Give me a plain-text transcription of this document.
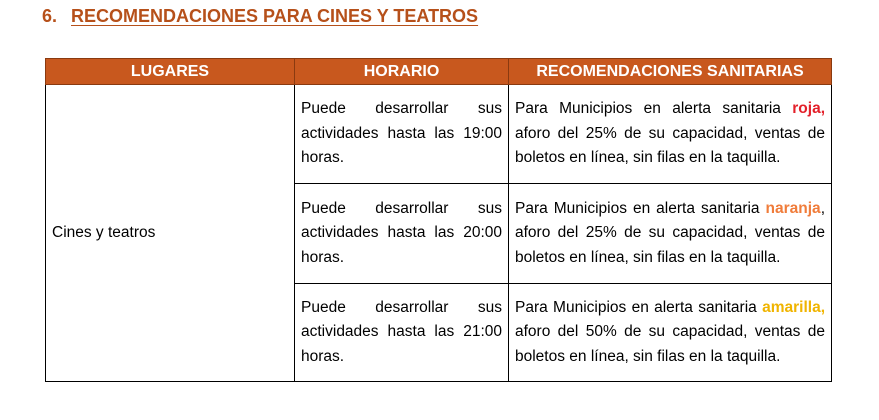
6. RECOMENDACIONES PARA CINES Y TEATROS
LUGARES	HORARIO	RECOMENDACIONES SANITARIAS
Cines y teatros	Puede desarrollar sus actividades hasta las 19:00 horas.	Para Municipios en alerta sanitaria roja, aforo del 25% de su capacidad, ventas de boletos en línea, sin filas en la taquilla.
	Puede desarrollar sus actividades hasta las 20:00 horas.	Para Municipios en alerta sanitaria naranja, aforo del 25% de su capacidad, ventas de boletos en línea, sin filas en la taquilla.
	Puede desarrollar sus actividades hasta las 21:00 horas.	Para Municipios en alerta sanitaria amarilla, aforo del 50% de su capacidad, ventas de boletos en línea, sin filas en la taquilla.
